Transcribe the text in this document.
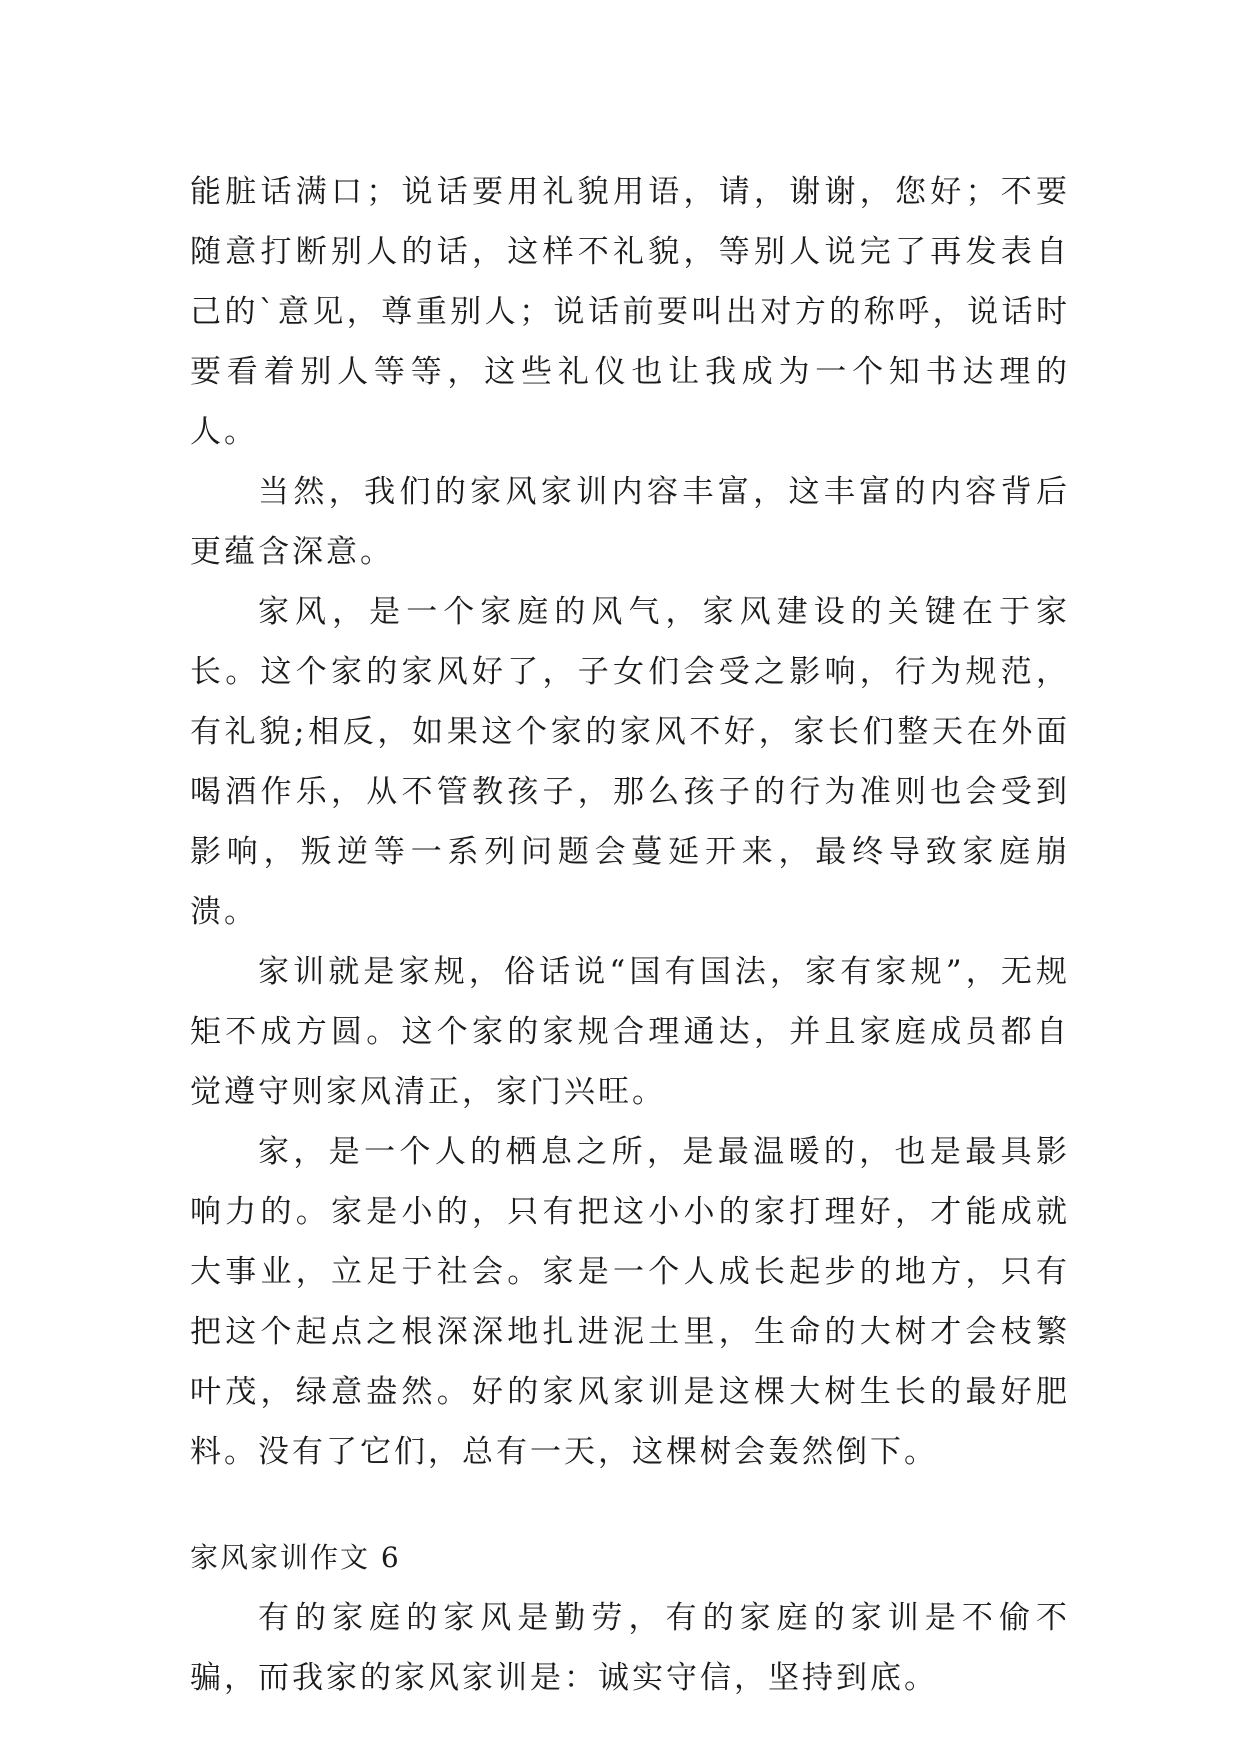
能脏话满口；说话要用礼貌用语，请，谢谢，您好；不要随意打断别人的话，这样不礼貌，等别人说完了再发表自己的`意见，尊重别人；说话前要叫出对方的称呼，说话时要看着别人等等，这些礼仪也让我成为一个知书达理的人。

当然，我们的家风家训内容丰富，这丰富的内容背后更蕴含深意。

家风，是一个家庭的风气，家风建设的关键在于家长。这个家的家风好了，子女们会受之影响，行为规范，有礼貌;相反，如果这个家的家风不好，家长们整天在外面喝酒作乐，从不管教孩子，那么孩子的行为准则也会受到影响，叛逆等一系列问题会蔓延开来，最终导致家庭崩溃。

家训就是家规，俗话说“国有国法，家有家规”，无规矩不成方圆。这个家的家规合理通达，并且家庭成员都自觉遵守则家风清正，家门兴旺。

家，是一个人的栖息之所，是最温暖的，也是最具影响力的。家是小的，只有把这小小的家打理好，才能成就大事业，立足于社会。家是一个人成长起步的地方，只有把这个起点之根深深地扎进泥土里，生命的大树才会枝繁叶茂，绿意盎然。好的家风家训是这棵大树生长的最好肥料。没有了它们，总有一天，这棵树会轰然倒下。

家风家训作文 6

有的家庭的家风是勤劳，有的家庭的家训是不偷不骗，而我家的家风家训是：诚实守信，坚持到底。
